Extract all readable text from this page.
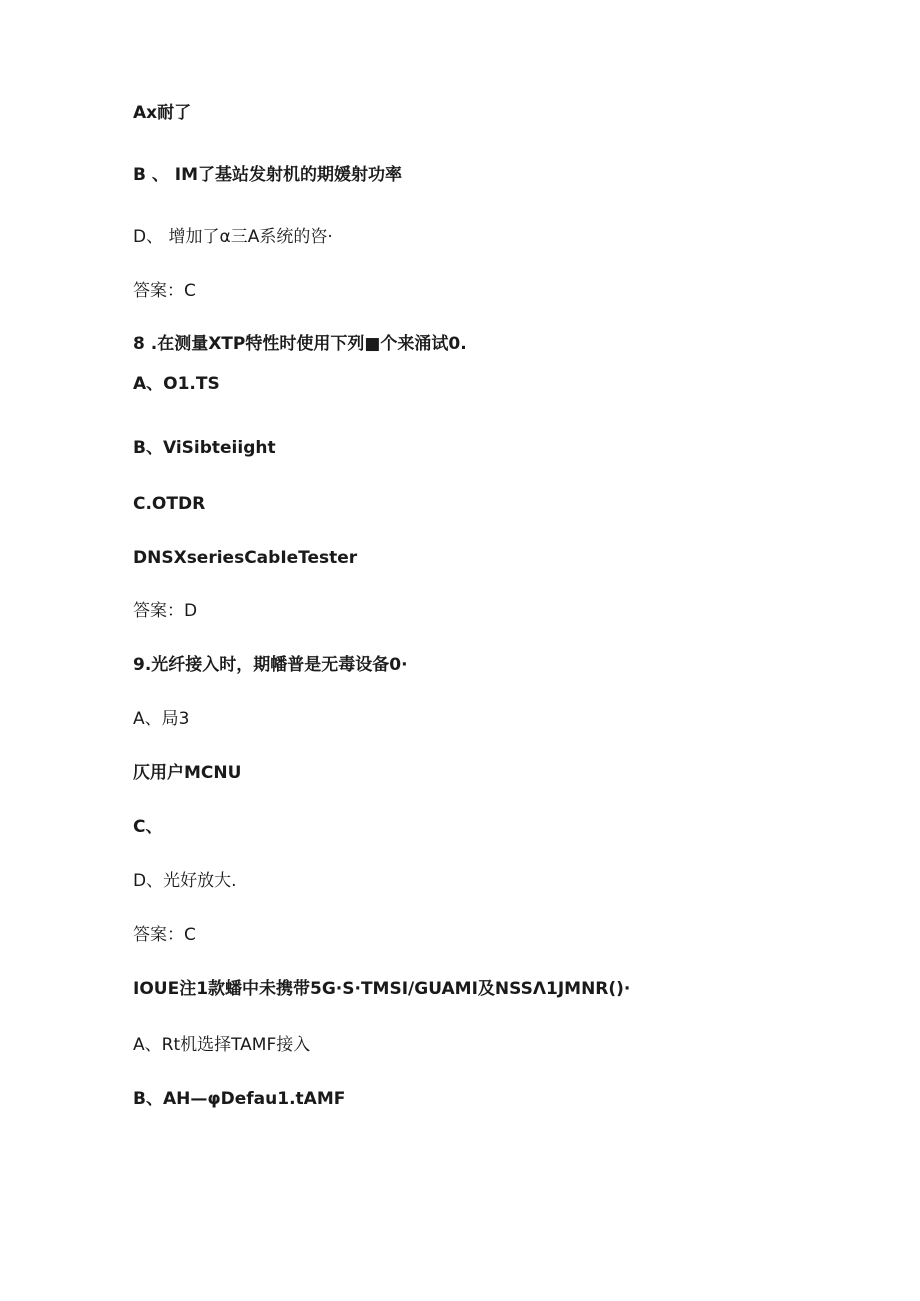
Ax耐了
B 、 IM了基站发射机的期媛射功率
D、 增加了α三A系统的咨·
答案：C
8 .在测量XTP特性时使用下列■个来涌试0.
A、O1.TS
B、ViSibteiight
C.OTDR
DNSXseriesCabIeTester
答案：D
9.光纤接入时，期幡普是无毒设备0·
A、局3
仄用户MCNU
C、
D、光好放大.
答案：C
IOUE注1款蟠中未携带5G·S·TMSI/GUAMI及NSSΛ1JMNR()·
A、Rt机选择TAMF接入
B、AH—φDefau1.tAMF
